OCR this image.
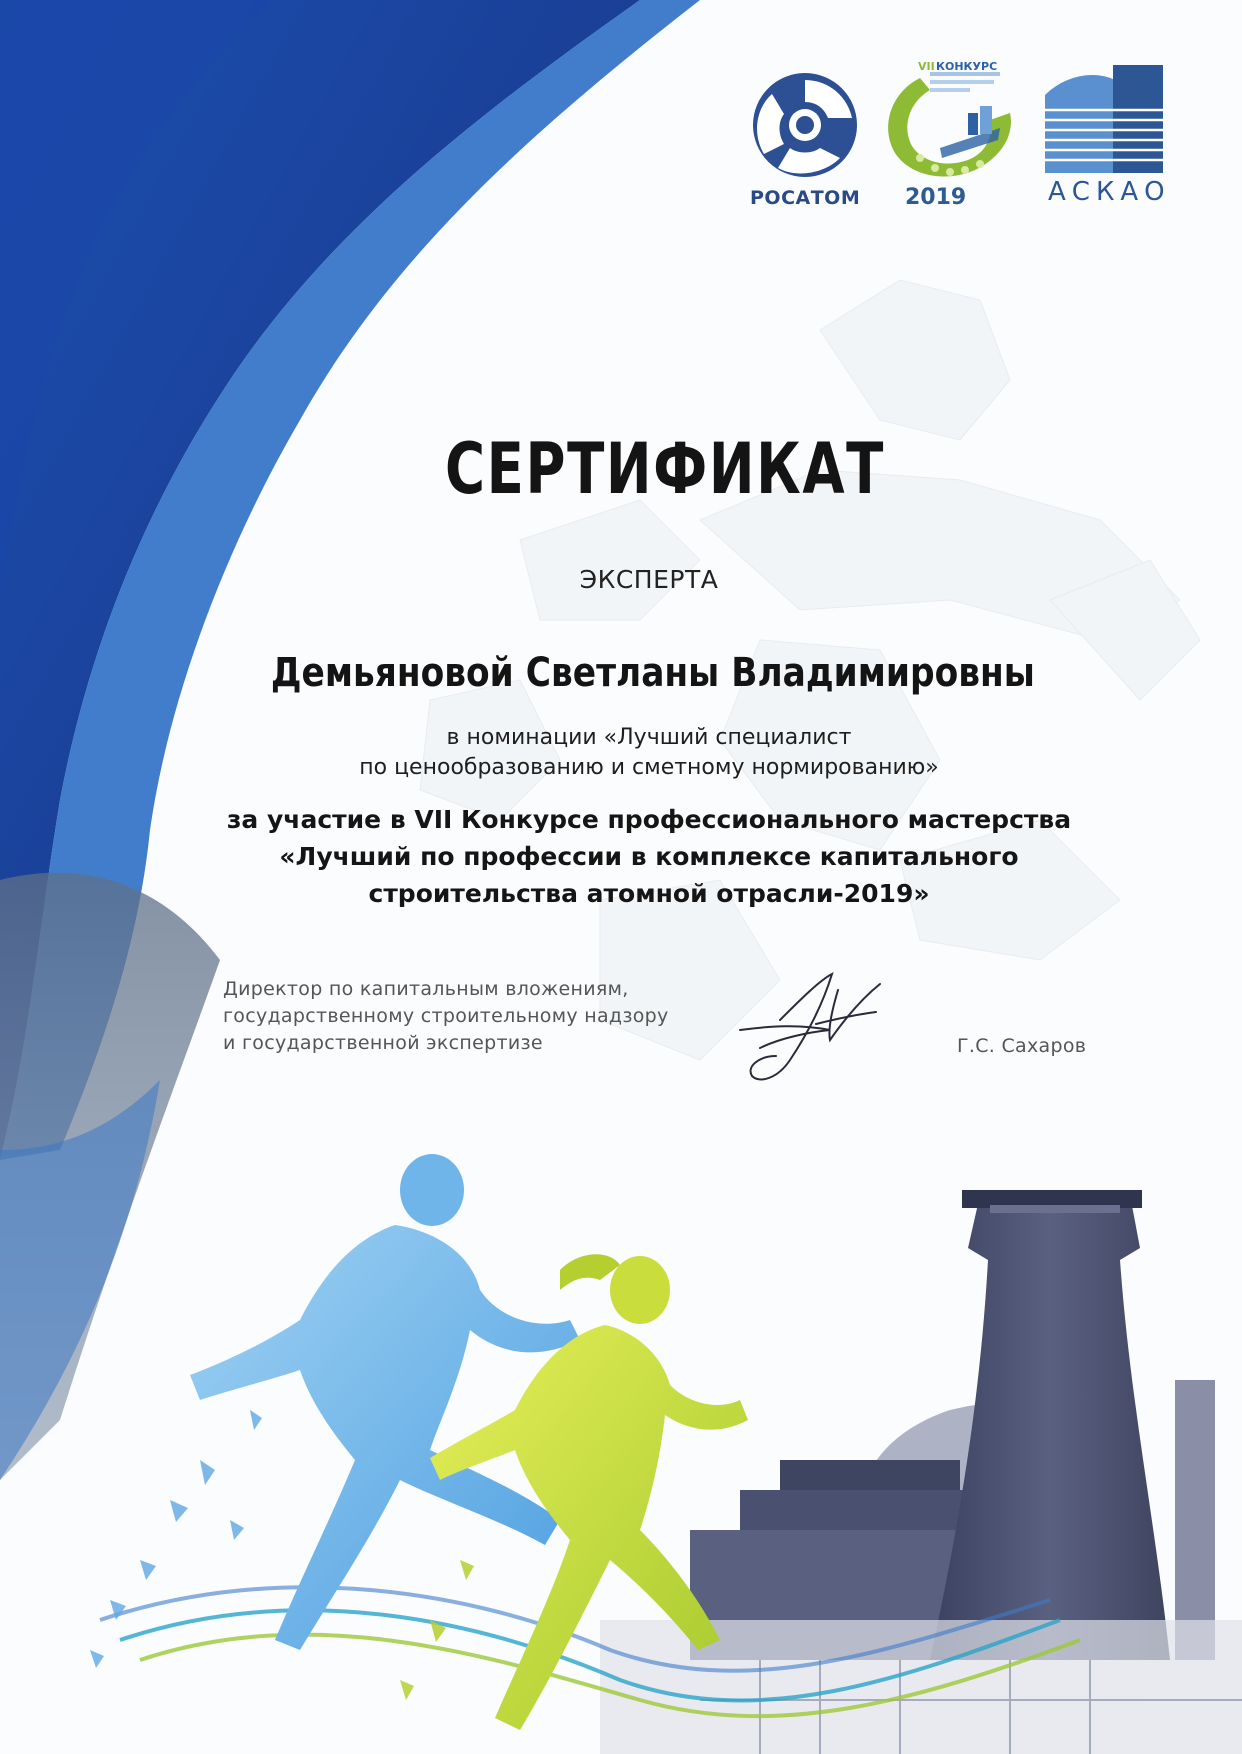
РОСАТОМ
VII КОНКУРС
2019	АСКАО
СЕРТИФИКАТ
ЭКСПЕРТА
Демьяновой Светланы Владимировны
в номинации «Лучший специалист
по ценообразованию и сметному нормированию»
за участие в VII Конкурсе профессионального мастерства
«Лучший по профессии в комплексе капитального
строительства атомной отрасли-2019»
Директор по капитальным вложениям,
государственному строительному надзору
и государственной экспертизе	Г.С. Сахаров
